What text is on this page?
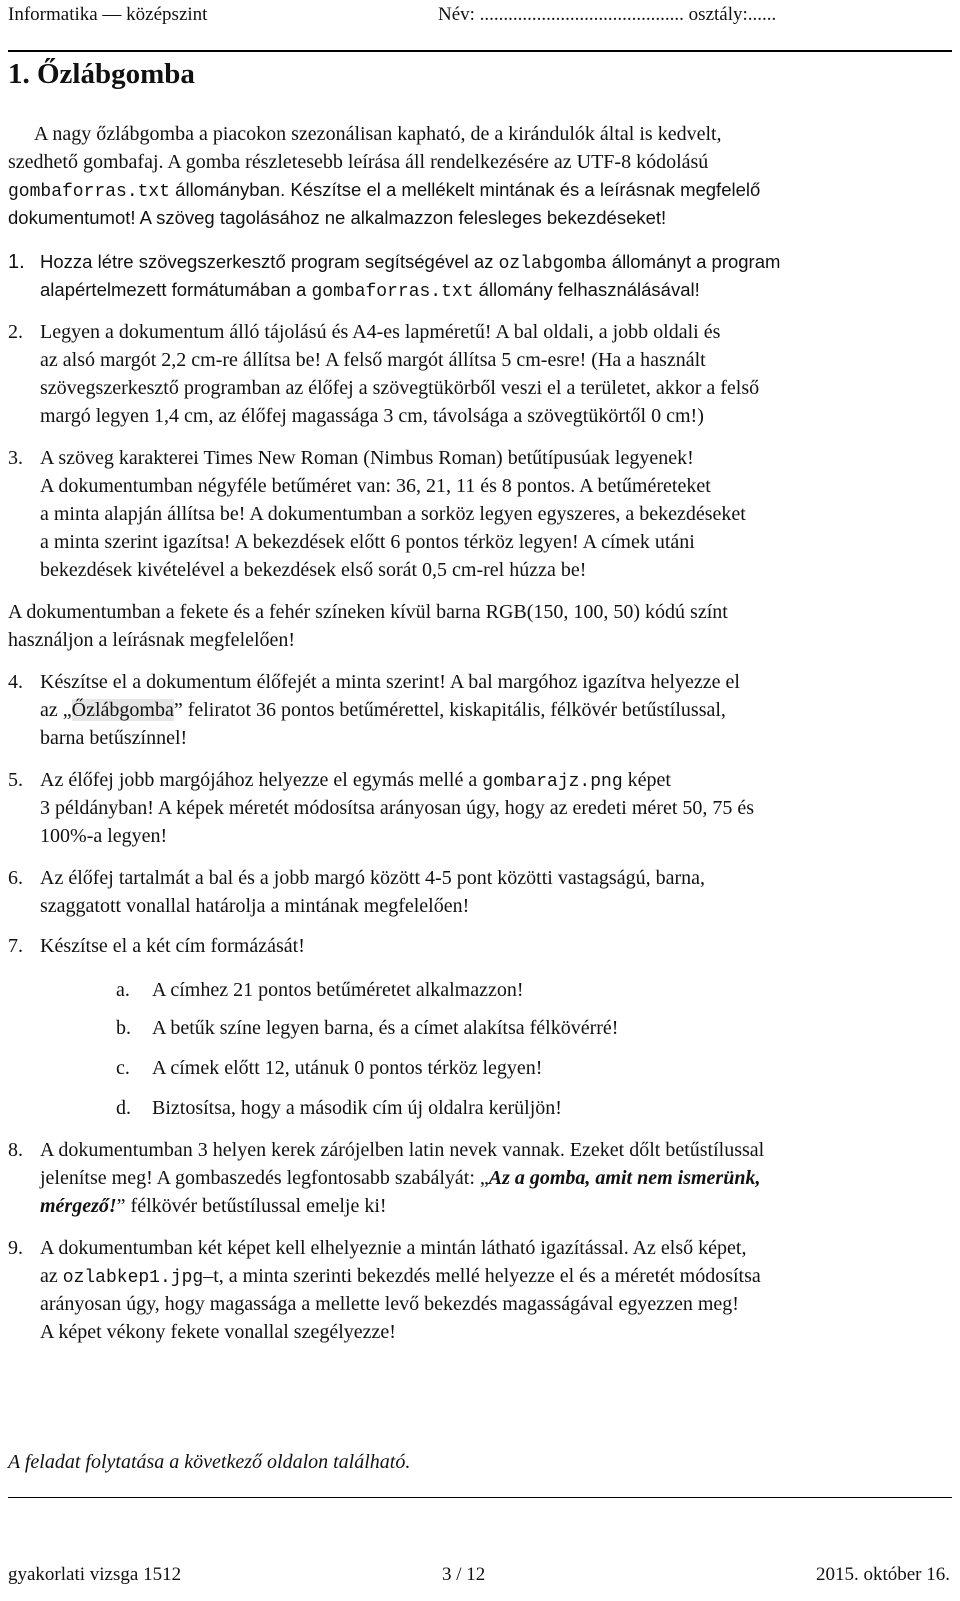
Informatika — középszint	Név: ........................................... osztály:......
1. Őzlábgomba
A nagy őzlábgomba a piacokon szezonálisan kapható, de a kirándulók által is kedvelt,
szedhető gombafaj. A gomba részletesebb leírása áll rendelkezésére az UTF-8 kódolású
gombaforras.txt állományban. Készítse el a mellékelt mintának és a leírásnak megfelelő
dokumentumot! A szöveg tagolásához ne alkalmazzon felesleges bekezdéseket!
1. Hozza létre szövegszerkesztő program segítségével az ozlabgomba állományt a program
alapértelmezett formátumában a gombaforras.txt állomány felhasználásával!
2. Legyen a dokumentum álló tájolású és A4-es lapméretű! A bal oldali, a jobb oldali és
az alsó margót 2,2 cm-re állítsa be! A felső margót állítsa 5 cm-esre! (Ha a használt
szövegszerkesztő programban az élőfej a szövegtükörből veszi el a területet, akkor a felső
margó legyen 1,4 cm, az élőfej magassága 3 cm, távolsága a szövegtükörtől 0 cm!)
3. A szöveg karakterei Times New Roman (Nimbus Roman) betűtípusúak legyenek!
A dokumentumban négyféle betűméret van: 36, 21, 11 és 8 pontos. A betűméreteket
a minta alapján állítsa be! A dokumentumban a sorköz legyen egyszeres, a bekezdéseket
a minta szerint igazítsa! A bekezdések előtt 6 pontos térköz legyen! A címek utáni
bekezdések kivételével a bekezdések első sorát 0,5 cm-rel húzza be!
A dokumentumban a fekete és a fehér színeken kívül barna RGB(150, 100, 50) kódú színt
használjon a leírásnak megfelelően!
4. Készítse el a dokumentum élőfejét a minta szerint! A bal margóhoz igazítva helyezze el
az „Őzlábgomba” feliratot 36 pontos betűmérettel, kiskapitális, félkövér betűstílussal,
barna betűszínnel!
5. Az élőfej jobb margójához helyezze el egymás mellé a gombarajz.png képet
3 példányban! A képek méretét módosítsa arányosan úgy, hogy az eredeti méret 50, 75 és
100%-a legyen!
6. Az élőfej tartalmát a bal és a jobb margó között 4-5 pont közötti vastagságú, barna,
szaggatott vonallal határolja a mintának megfelelően!
7. Készítse el a két cím formázását!
a. A címhez 21 pontos betűméretet alkalmazzon!
b. A betűk színe legyen barna, és a címet alakítsa félkövérré!
c. A címek előtt 12, utánuk 0 pontos térköz legyen!
d. Biztosítsa, hogy a második cím új oldalra kerüljön!
8. A dokumentumban 3 helyen kerek zárójelben latin nevek vannak. Ezeket dőlt betűstílussal
jelenítse meg! A gombaszedés legfontosabb szabályát: „Az a gomba, amit nem ismerünk,
mérgező!” félkövér betűstílussal emelje ki!
9. A dokumentumban két képet kell elhelyeznie a mintán látható igazítással. Az első képet,
az ozlabkep1.jpg–t, a minta szerinti bekezdés mellé helyezze el és a méretét módosítsa
arányosan úgy, hogy magassága a mellette levő bekezdés magasságával egyezzen meg!
A képet vékony fekete vonallal szegélyezze!
A feladat folytatása a következő oldalon található.
gyakorlati vizsga 1512	3 / 12	2015. október 16.
